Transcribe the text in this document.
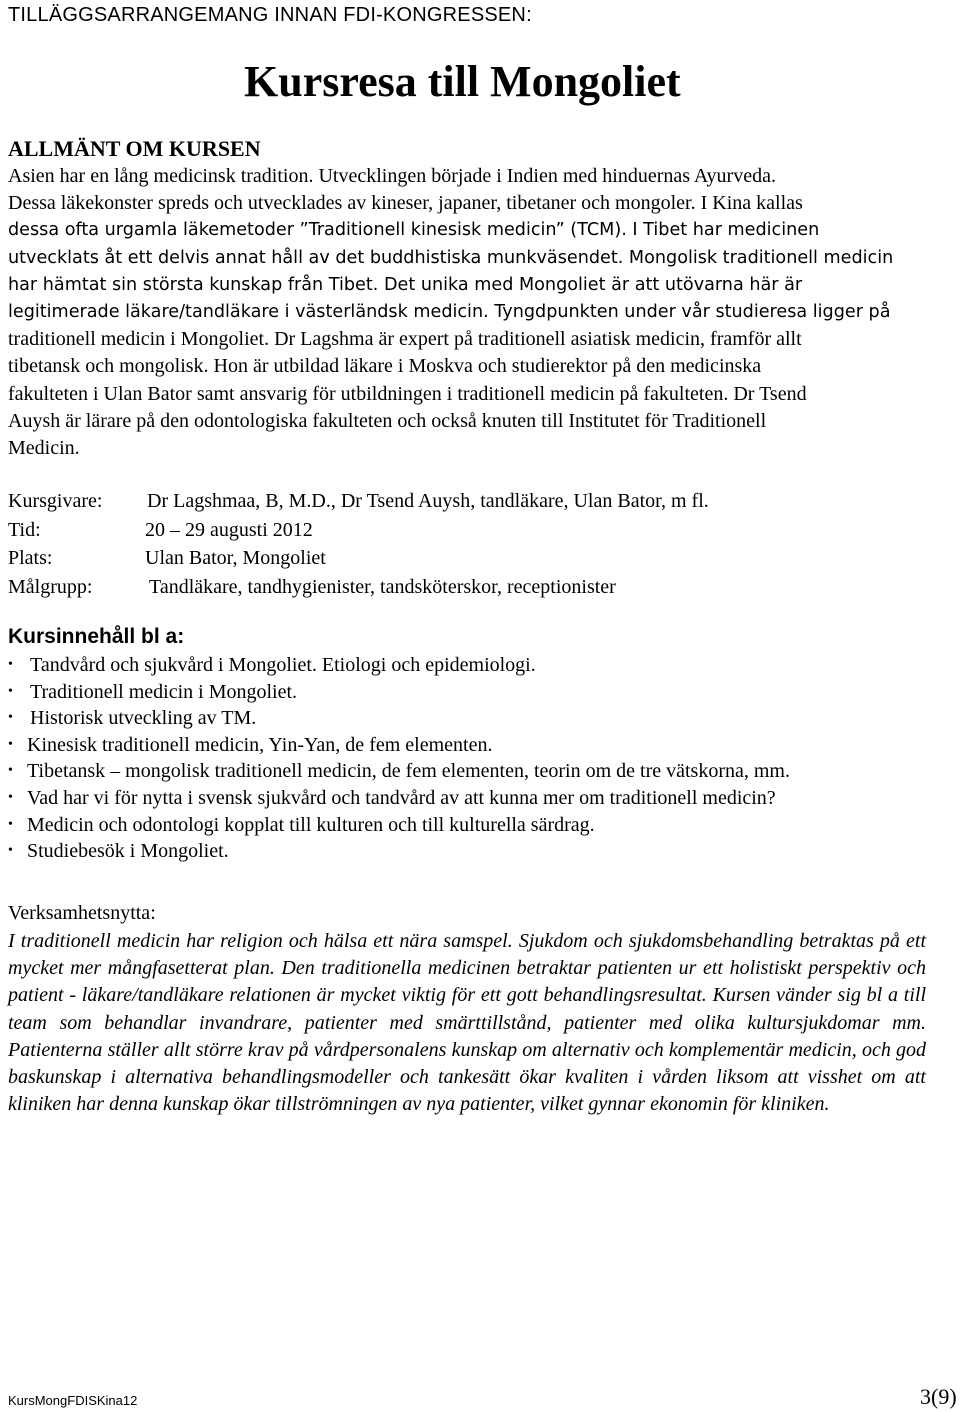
TILLÄGGSARRANGEMANG INNAN FDI-KONGRESSEN:
Kursresa till Mongoliet
ALLMÄNT OM KURSEN
Asien har en lång medicinsk tradition. Utvecklingen började i Indien med hinduernas Ayurveda.
Dessa läkekonster spreds och utvecklades av kineser, japaner, tibetaner och mongoler. I Kina kallas
dessa ofta urgamla läkemetoder ”Traditionell kinesisk medicin” (TCM). I Tibet har medicinen
utvecklats åt ett delvis annat håll av det buddhistiska munkväsendet. Mongolisk traditionell medicin
har hämtat sin största kunskap från Tibet. Det unika med Mongoliet är att utövarna här är
legitimerade läkare/tandläkare i västerländsk medicin. Tyngdpunkten under vår studieresa ligger på
traditionell medicin i Mongoliet. Dr Lagshma är expert på traditionell asiatisk medicin, framför allt
tibetansk och mongolisk. Hon är utbildad läkare i Moskva och studierektor på den medicinska
fakulteten i Ulan Bator samt ansvarig för utbildningen i traditionell medicin på fakulteten. Dr Tsend
Auysh är lärare på den odontologiska fakulteten och också knuten till Institutet för Traditionell
Medicin.
Kursgivare: Dr Lagshmaa, B, M.D., Dr Tsend Auysh, tandläkare, Ulan Bator, m fl.
Tid:	20 – 29 augusti 2012
Plats:	Ulan Bator, Mongoliet
Målgrupp:	Tandläkare, tandhygienister, tandsköterskor, receptionister
Kursinnehåll bl a:
• Tandvård och sjukvård i Mongoliet. Etiologi och epidemiologi.
• Traditionell medicin i Mongoliet.
• Historisk utveckling av TM.
• Kinesisk traditionell medicin, Yin-Yan, de fem elementen.
• Tibetansk – mongolisk traditionell medicin, de fem elementen, teorin om de tre vätskorna, mm.
• Vad har vi för nytta i svensk sjukvård och tandvård av att kunna mer om traditionell medicin?
• Medicin och odontologi kopplat till kulturen och till kulturella särdrag.
• Studiebesök i Mongoliet.
Verksamhetsnytta:

I traditionell medicin har religion och hälsa ett nära samspel. Sjukdom och sjukdomsbehandling betraktas på ett mycket mer mångfasetterat plan. Den traditionella medicinen betraktar patienten ur ett holistiskt perspektiv och patient - läkare/tandläkare relationen är mycket viktig för ett gott behandlingsresultat. Kursen vänder sig bl a till team som behandlar invandrare, patienter med smärttillstånd, patienter med olika kultursjukdomar mm. Patienterna ställer allt större krav på vårdpersonalens kunskap om alternativ och komplementär medicin, och god baskunskap i alternativa behandlingsmodeller och tankesätt ökar kvaliten i vården liksom att visshet om att kliniken har denna kunskap ökar tillströmningen av nya patienter, vilket gynnar ekonomin för kliniken.

KursMongFDISKina12	3(9)
